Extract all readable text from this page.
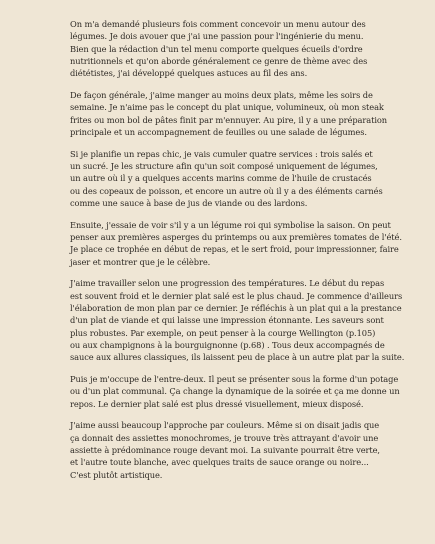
On m'a demandé plusieurs fois comment concevoir un menu autour des
légumes. Je dois avouer que j'ai une passion pour l'ingénierie du menu.
Bien que la rédaction d'un tel menu comporte quelques écueils d'ordre
nutritionnels et qu'on aborde généralement ce genre de thème avec des
diététistes, j'ai développé quelques astuces au fil des ans.

De façon générale, j'aime manger au moins deux plats, même les soirs de
semaine. Je n'aime pas le concept du plat unique, volumineux, où mon steak
frites ou mon bol de pâtes finit par m'ennuyer. Au pire, il y a une préparation
principale et un accompagnement de feuilles ou une salade de légumes.

Si je planifie un repas chic, je vais cumuler quatre services : trois salés et
un sucré. Je les structure afin qu'un soit composé uniquement de légumes,
un autre où il y a quelques accents marins comme de l'huile de crustacés
ou des copeaux de poisson, et encore un autre où il y a des éléments carnés
comme une sauce à base de jus de viande ou des lardons.

Ensuite, j'essaie de voir s'il y a un légume roi qui symbolise la saison. On peut
penser aux premières asperges du printemps ou aux premières tomates de l'été.
Je place ce trophée en début de repas, et le sert froid, pour impressionner, faire
jaser et montrer que je le célèbre.

J'aime travailler selon une progression des températures. Le début du repas
est souvent froid et le dernier plat salé est le plus chaud. Je commence d'ailleurs
l'élaboration de mon plan par ce dernier. Je réfléchis à un plat qui a la prestance
d'un plat de viande et qui laisse une impression étonnante. Les saveurs sont
plus robustes. Par exemple, on peut penser à la courge Wellington (p.105)
ou aux champignons à la bourguignonne (p.68) . Tous deux accompagnés de
sauce aux allures classiques, ils laissent peu de place à un autre plat par la suite.

Puis je m'occupe de l'entre-deux. Il peut se présenter sous la forme d'un potage
ou d'un plat communal. Ça change la dynamique de la soirée et ça me donne un
repos. Le dernier plat salé est plus dressé visuellement, mieux disposé.

J'aime aussi beaucoup l'approche par couleurs. Même si on disait jadis que
ça donnait des assiettes monochromes, je trouve très attrayant d'avoir une
assiette à prédominance rouge devant moi. La suivante pourrait être verte,
et l'autre toute blanche, avec quelques traits de sauce orange ou noire...
C'est plutôt artistique.
